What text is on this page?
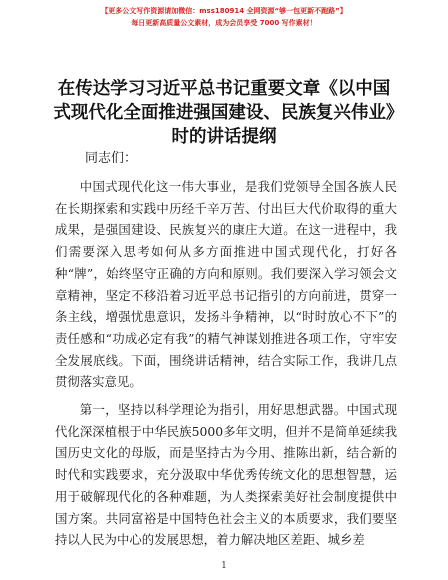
【更多公文写作资源请加微信：mss180914 全网资源“够一包更新不跑路”】
每日更新高质量公文素材，成为会员享受 7000 写作素材！
在传达学习习近平总书记重要文章《以中国式现代化全面推进强国建设、民族复兴伟业》时的讲话提纲
同志们：

中国式现代化这一伟大事业，是我们党领导全国各族人民在长期探索和实践中历经千辛万苦、付出巨大代价取得的重大成果，是强国建设、民族复兴的康庄大道。在这一进程中，我们需要深入思考如何从多方面推进中国式现代化，打好各种“牌”，始终坚守正确的方向和原则。我们要深入学习领会文章精神，坚定不移沿着习近平总书记指引的方向前进，贯穿一条主线，增强忧患意识，发扬斗争精神，以“时时放心不下”的责任感和“功成必定有我”的精气神谋划推进各项工作，守牢安全发展底线。下面，围绕讲话精神，结合实际工作，我讲几点贯彻落实意见。

第一，坚持以科学理论为指引，用好思想武器。中国式现代化深深植根于中华民族5000多年文明，但并不是简单延续我国历史文化的母版，而是坚持古为今用、推陈出新，结合新的时代和实践要求，充分汲取中华优秀传统文化的思想智慧，运用于破解现代化的各种难题，为人类探索美好社会制度提供中国方案。共同富裕是中国特色社会主义的本质要求，我们要坚持以人民为中心的发展思想，着力解决地区差距、城乡差

1
